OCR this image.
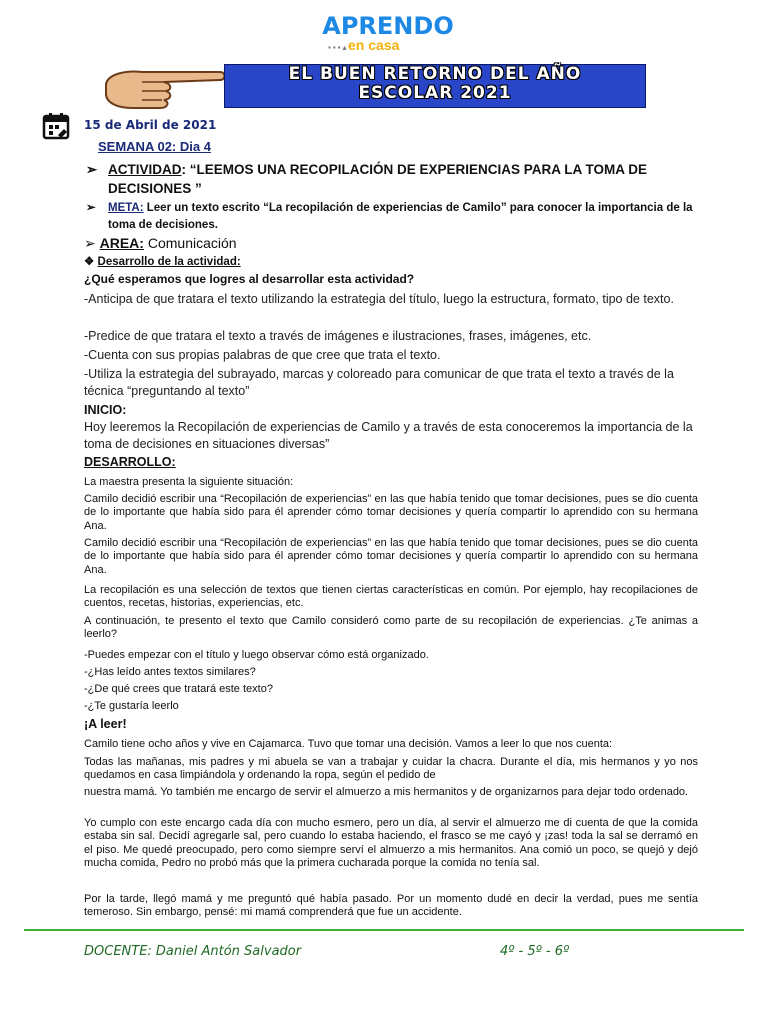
APRENDO
▪▪▪▴ en casa
EL BUEN RETORNO DEL AÑO
ESCOLAR 2021
15 de Abril de 2021
SEMANA 02: Dia 4
➢ ACTIVIDAD: “LEEMOS UNA RECOPILACIÓN DE EXPERIENCIAS PARA LA TOMA DE DECISIONES ”
➢ META: Leer un texto escrito “La recopilación de experiencias de Camilo” para conocer la importancia de la toma de decisiones.
➢ AREA: Comunicación
❖ Desarrollo de la actividad:
¿Qué esperamos que logres al desarrollar esta actividad?
-Anticipa de que tratara el texto utilizando la estrategia del título, luego la estructura, formato, tipo de texto.
-Predice de que tratara el texto a través de imágenes e ilustraciones, frases, imágenes, etc.
-Cuenta con sus propias palabras de que cree que trata el texto.
-Utiliza la estrategia del subrayado, marcas y coloreado para comunicar de que trata el texto a través de la técnica “preguntando al texto”
INICIO:
Hoy leeremos la Recopilación de experiencias de Camilo y a través de esta conoceremos la importancia de la toma de decisiones en situaciones diversas”
DESARROLLO:
La maestra presenta la siguiente situación:
Camilo decidió escribir una “Recopilación de experiencias” en las que había tenido que tomar decisiones, pues se dio cuenta de lo importante que había sido para él aprender cómo tomar decisiones y quería compartir lo aprendido con su hermana Ana.
Camilo decidió escribir una “Recopilación de experiencias” en las que había tenido que tomar decisiones, pues se dio cuenta de lo importante que había sido para él aprender cómo tomar decisiones y quería compartir lo aprendido con su hermana Ana.
La recopilación es una selección de textos que tienen ciertas características en común. Por ejemplo, hay recopilaciones de cuentos, recetas, historias, experiencias, etc.
A continuación, te presento el texto que Camilo consideró como parte de su recopilación de experiencias. ¿Te animas a leerlo?
-Puedes empezar con el título y luego observar cómo está organizado.
-¿Has leído antes textos similares?
-¿De qué crees que tratará este texto?
-¿Te gustaría leerlo
¡A leer!
Camilo tiene ocho años y vive en Cajamarca. Tuvo que tomar una decisión. Vamos a leer lo que nos cuenta:
Todas las mañanas, mis padres y mi abuela se van a trabajar y cuidar la chacra. Durante el día, mis hermanos y yo nos quedamos en casa limpiándola y ordenando la ropa, según el pedido de
nuestra mamá. Yo también me encargo de servir el almuerzo a mis hermanitos y de organizarnos para dejar todo ordenado.
Yo cumplo con este encargo cada día con mucho esmero, pero un día, al servir el almuerzo me di cuenta de que la comida estaba sin sal. Decidí agregarle sal, pero cuando lo estaba haciendo, el frasco se me cayó y ¡zas! toda la sal se derramó en el piso. Me quedé preocupado, pero como siempre serví el almuerzo a mis hermanitos. Ana comió un poco, se quejó y dejó mucha comida, Pedro no probó más que la primera cucharada porque la comida no tenía sal.
Por la tarde, llegó mamá y me preguntó qué había pasado. Por un momento dudé en decir la verdad, pues me sentía temeroso. Sin embargo, pensé: mi mamá comprenderá que fue un accidente.
DOCENTE: Daniel Antón Salvador	4º - 5º - 6º
